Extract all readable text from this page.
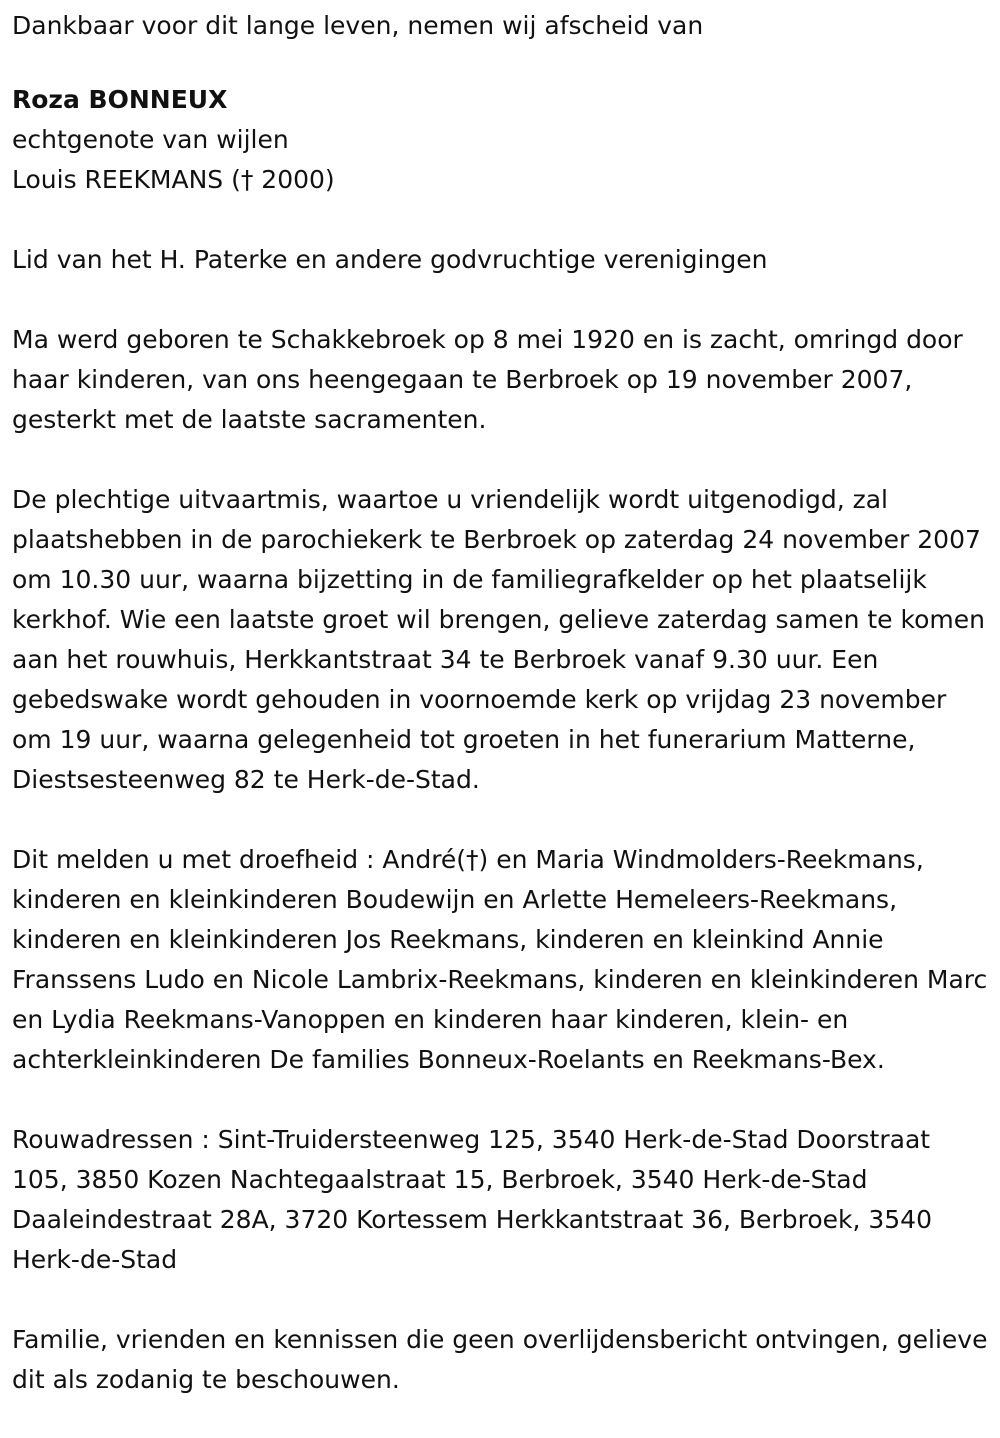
Dankbaar voor dit lange leven, nemen wij afscheid van

Roza BONNEUX

echtgenote van wijlen

Louis REEKMANS († 2000)

Lid van het H. Paterke en andere godvruchtige verenigingen

Ma werd geboren te Schakkebroek op 8 mei 1920 en is zacht, omringd door haar kinderen, van ons heengegaan te Berbroek op 19 november 2007, gesterkt met de laatste sacramenten.

De plechtige uitvaartmis, waartoe u vriendelijk wordt uitgenodigd, zal plaatshebben in de parochiekerk te Berbroek op zaterdag 24 november 2007 om 10.30 uur, waarna bijzetting in de familiegrafkelder op het plaatselijk kerkhof. Wie een laatste groet wil brengen, gelieve zaterdag samen te komen aan het rouwhuis, Herkkantstraat 34 te Berbroek vanaf 9.30 uur. Een gebedswake wordt gehouden in voornoemde kerk op vrijdag 23 november om 19 uur, waarna gelegenheid tot groeten in het funerarium Matterne, Diestsesteenweg 82 te Herk-de-Stad.

Dit melden u met droefheid : André(†) en Maria Windmolders-Reekmans, kinderen en kleinkinderen Boudewijn en Arlette Hemeleers-Reekmans, kinderen en kleinkinderen Jos Reekmans, kinderen en kleinkind Annie Franssens Ludo en Nicole Lambrix-Reekmans, kinderen en kleinkinderen Marc en Lydia Reekmans-Vanoppen en kinderen haar kinderen, klein- en achterkleinkinderen De families Bonneux-Roelants en Reekmans-Bex.

Rouwadressen : Sint-Truidersteenweg 125, 3540 Herk-de-Stad Doorstraat 105, 3850 Kozen Nachtegaalstraat 15, Berbroek, 3540 Herk-de-Stad Daaleindestraat 28A, 3720 Kortessem Herkkantstraat 36, Berbroek, 3540 Herk-de-Stad

Familie, vrienden en kennissen die geen overlijdensbericht ontvingen, gelieve dit als zodanig te beschouwen.
